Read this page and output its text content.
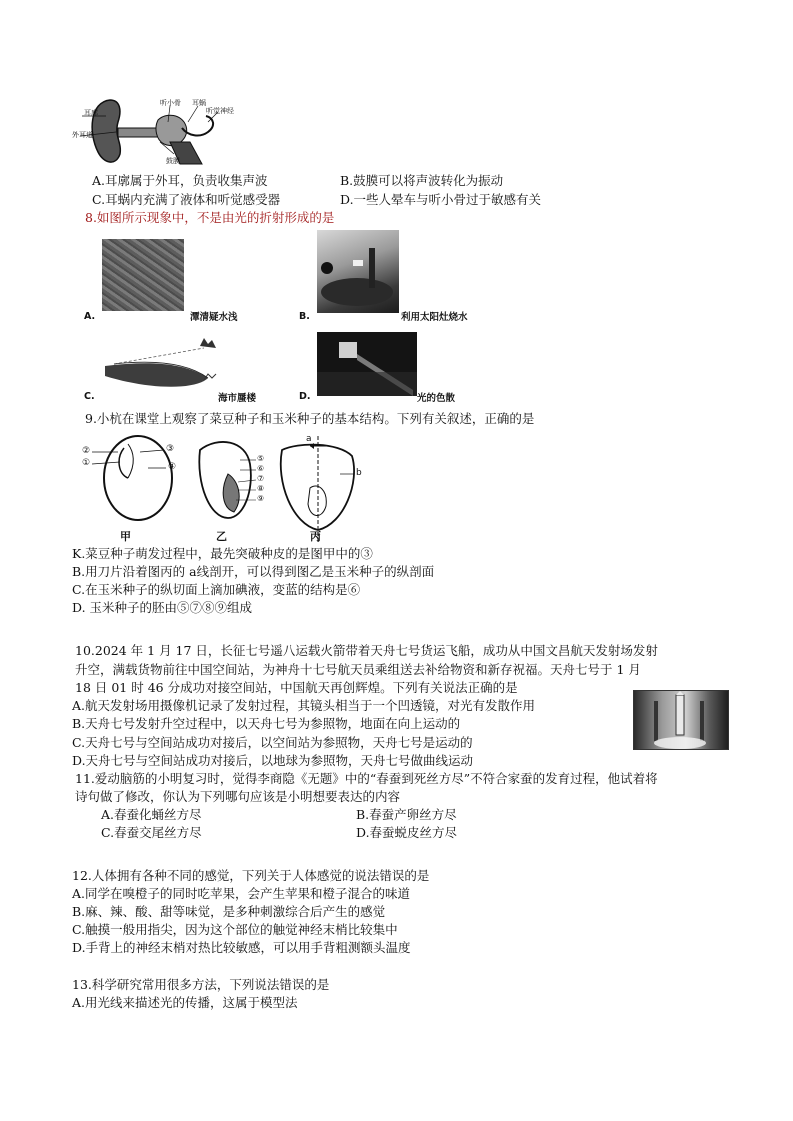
耳廓
听小骨 耳蜗
听觉神经
外耳道
鼓膜
A.耳廓属于外耳，负责收集声波	B.鼓膜可以将声波转化为振动
C.耳蜗内充满了液体和听觉感受器	D.一些人晕车与听小骨过于敏感有关
8.如图所示现象中，不是由光的折射形成的是
A.	潭清疑水浅	B.	利用太阳灶烧水
C.	海市蜃楼	D.	光的色散
9.小杭在课堂上观察了菜豆种子和玉米种子的基本结构。下列有关叙述，正确的是
②
①
③
④
⑤
⑥
⑦
⑧
⑨
a
b
甲	乙	丙
K.菜豆种子萌发过程中，最先突破种皮的是图甲中的③
B.用刀片沿着图丙的 a线剖开，可以得到图乙是玉米种子的纵剖面
C.在玉米种子的纵切面上滴加碘液，变蓝的结构是⑥
D. 玉米种子的胚由⑤⑦⑧⑨组成
10.2024 年 1 月 17 日，长征七号遥八运载火箭带着天舟七号货运飞船，成功从中国文昌航天发射场发射
升空，满载货物前往中国空间站，为神舟十七号航天员乘组送去补给物资和新存祝福。天舟七号于 1 月
18 日 01 时 46 分成功对接空间站，中国航天再创辉煌。下列有关说法正确的是
A.航天发射场用摄像机记录了发射过程，其镜头相当于一个凹透镜，对光有发散作用
B.天舟七号发射升空过程中，以天舟七号为参照物，地面在向上运动的
C.天舟七号与空间站成功对接后，以空间站为参照物，天舟七号是运动的
D.天舟七号与空间站成功对接后，以地球为参照物，天舟七号做曲线运动
11.爱动脑筋的小明复习时，觉得李商隐《无题》中的“春蚕到死丝方尽”不符合家蚕的发育过程，他试着将
诗句做了修改，你认为下列哪句应该是小明想要表达的内容
A.春蚕化蛹丝方尽	B.春蚕产卵丝方尽
C.春蚕交尾丝方尽	D.春蚕蜕皮丝方尽
12.人体拥有各种不同的感觉，下列关于人体感觉的说法错误的是
A.同学在嗅橙子的同时吃苹果，会产生苹果和橙子混合的味道
B.麻、辣、酸、甜等味觉，是多种刺激综合后产生的感觉
C.触摸一般用指尖，因为这个部位的触觉神经末梢比较集中
D.手背上的神经末梢对热比较敏感，可以用手背粗测额头温度
13.科学研究常用很多方法，下列说法错误的是
A.用光线来描述光的传播，这属于模型法
